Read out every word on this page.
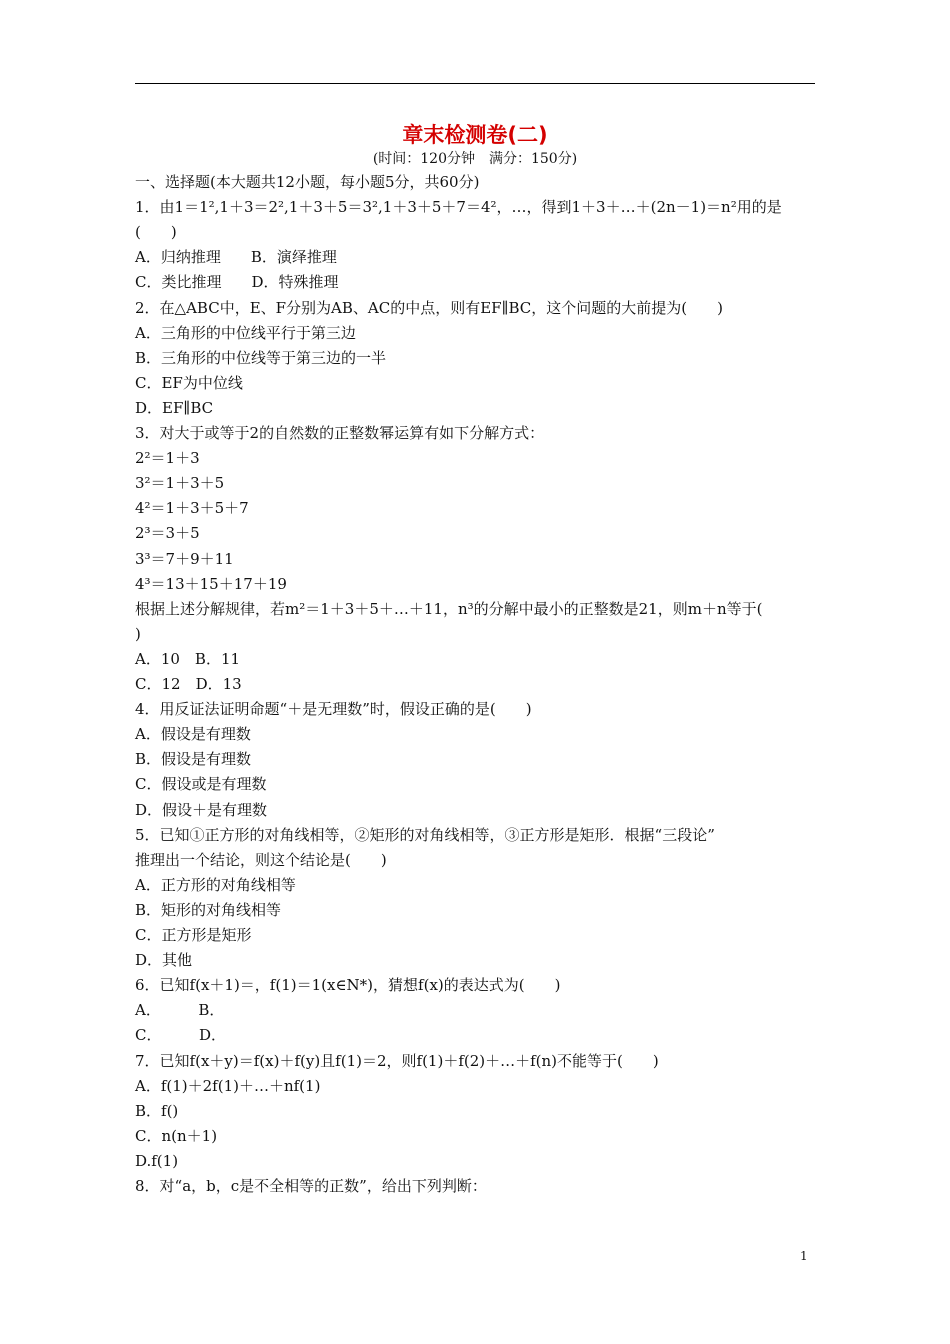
章末检测卷(二)
(时间：120分钟　满分：150分)
一、选择题(本大题共12小题，每小题5分，共60分)
1．由1＝1²,1＋3＝2²,1＋3＋5＝3²,1＋3＋5＋7＝4²，…，得到1＋3＋…＋(2n－1)＝n²用的是
(　　)
A．归纳推理　　B．演绎推理
C．类比推理　　D．特殊推理
2．在△ABC中，E、F分别为AB、AC的中点，则有EF∥BC，这个问题的大前提为(　　)
A．三角形的中位线平行于第三边
B．三角形的中位线等于第三边的一半
C．EF为中位线
D．EF∥BC
3．对大于或等于2的自然数的正整数幂运算有如下分解方式：
2²＝1＋3
3²＝1＋3＋5
4²＝1＋3＋5＋7
2³＝3＋5
3³＝7＋9＋11
4³＝13＋15＋17＋19
根据上述分解规律，若m²＝1＋3＋5＋…＋11，n³的分解中最小的正整数是21，则m＋n等于(
)
A．10　B．11
C．12　D．13
4．用反证法证明命题“＋是无理数”时，假设正确的是(　　)
A．假设是有理数
B．假设是有理数
C．假设或是有理数
D．假设＋是有理数
5．已知①正方形的对角线相等，②矩形的对角线相等，③正方形是矩形．根据“三段论”
推理出一个结论，则这个结论是(　　)
A．正方形的对角线相等
B．矩形的对角线相等
C．正方形是矩形
D．其他
6．已知f(x＋1)＝，f(1)＝1(x∈N*)，猜想f(x)的表达式为(　　)
A．　　　B．
C．　　　D．
7．已知f(x＋y)＝f(x)＋f(y)且f(1)＝2，则f(1)＋f(2)＋…＋f(n)不能等于(　　)
A．f(1)＋2f(1)＋…＋nf(1)
B．f()
C．n(n＋1)
D.f(1)
8．对“a，b，c是不全相等的正数”，给出下列判断：
1
